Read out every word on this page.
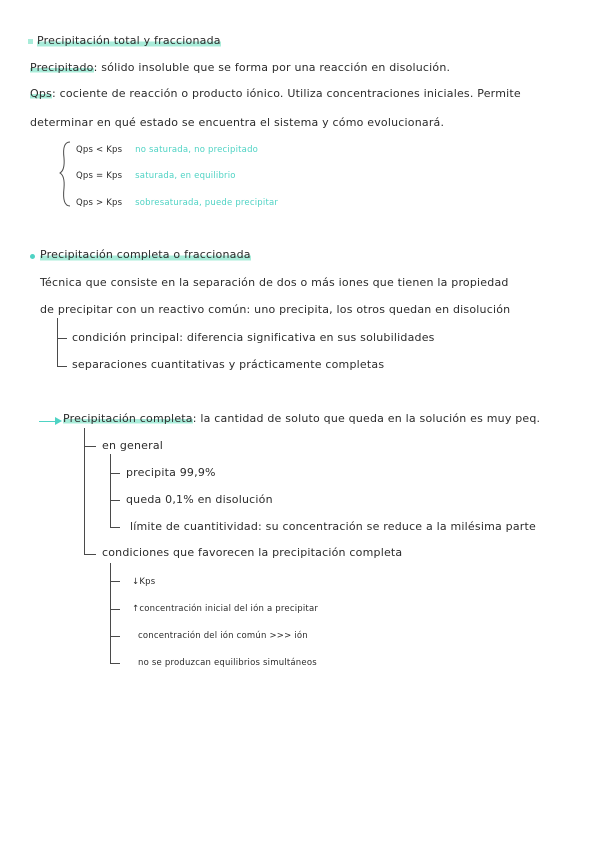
Precipitación total y fraccionada
Precipitado: sólido insoluble que se forma por una reacción en disolución.
Qps: cociente de reacción o producto iónico. Utiliza concentraciones iniciales. Permite
determinar en qué estado se encuentra el sistema y cómo evolucionará.
Qps < Kps no saturada, no precipitado
Qps = Kps saturada, en equilibrio
Qps > Kps sobresaturada, puede precipitar
Precipitación completa o fraccionada
Técnica que consiste en la separación de dos o más iones que tienen la propiedad
de precipitar con un reactivo común: uno precipita, los otros quedan en disolución
condición principal: diferencia significativa en sus solubilidades
separaciones cuantitativas y prácticamente completas
Precipitación completa: la cantidad de soluto que queda en la solución es muy peq.
en general
precipita 99,9%
queda 0,1% en disolución
límite de cuantitividad: su concentración se reduce a la milésima parte
condiciones que favorecen la precipitación completa
↓Kps
↑concentración inicial del ión a precipitar
concentración del ión común >>> ión
no se produzcan equilibrios simultáneos
